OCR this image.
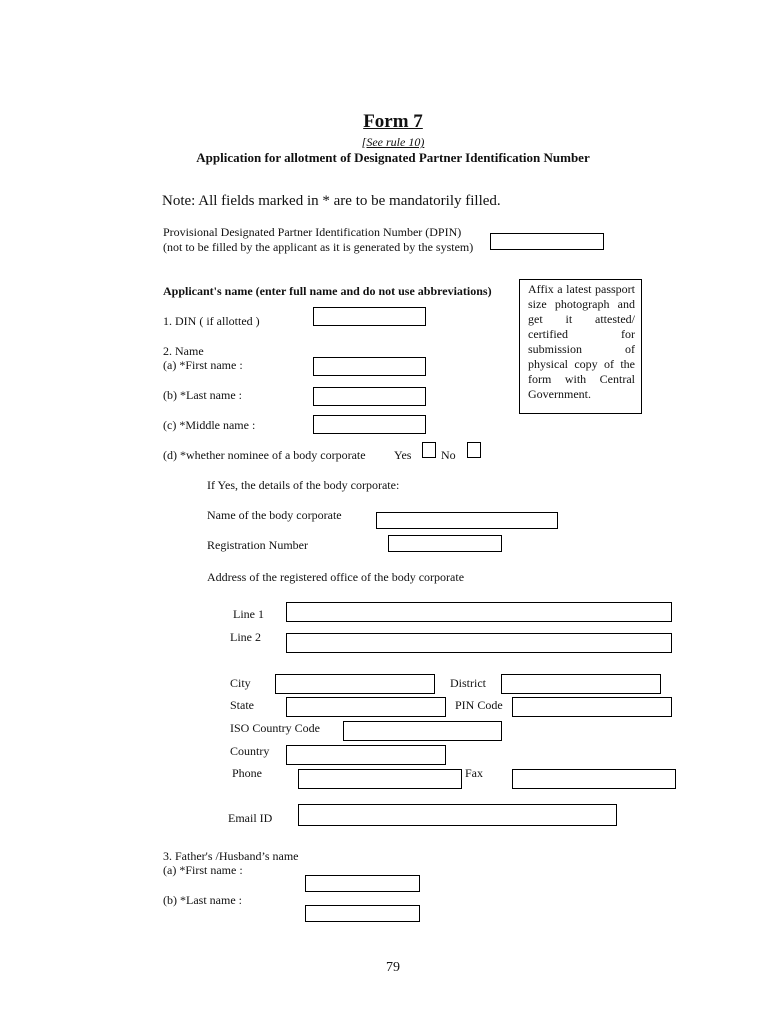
Form 7
[See rule 10)
Application for allotment of Designated Partner Identification Number
Note: All fields marked in * are to be mandatorily filled.
Provisional Designated Partner Identification Number (DPIN)
(not to be filled by the applicant as it is generated by the system)
Applicant's name (enter full name and do not use abbreviations)	Affix a latest passport size photograph and get it attested/ certified for submission of physical copy of the form with Central Government.
1. DIN ( if allotted )
2. Name
(a) *First name :
(b) *Last name :
(c) *Middle name :
(d) *whether nominee of a body corporate Yes No
If Yes, the details of the body corporate:
Name of the body corporate
Registration Number
Address of the registered office of the body corporate
Line 1
Line 2
City	District
State	PIN Code
ISO Country Code
Country
Phone	Fax
Email ID
3. Father's /Husband’s name
(a) *First name :
(b) *Last name :
79
